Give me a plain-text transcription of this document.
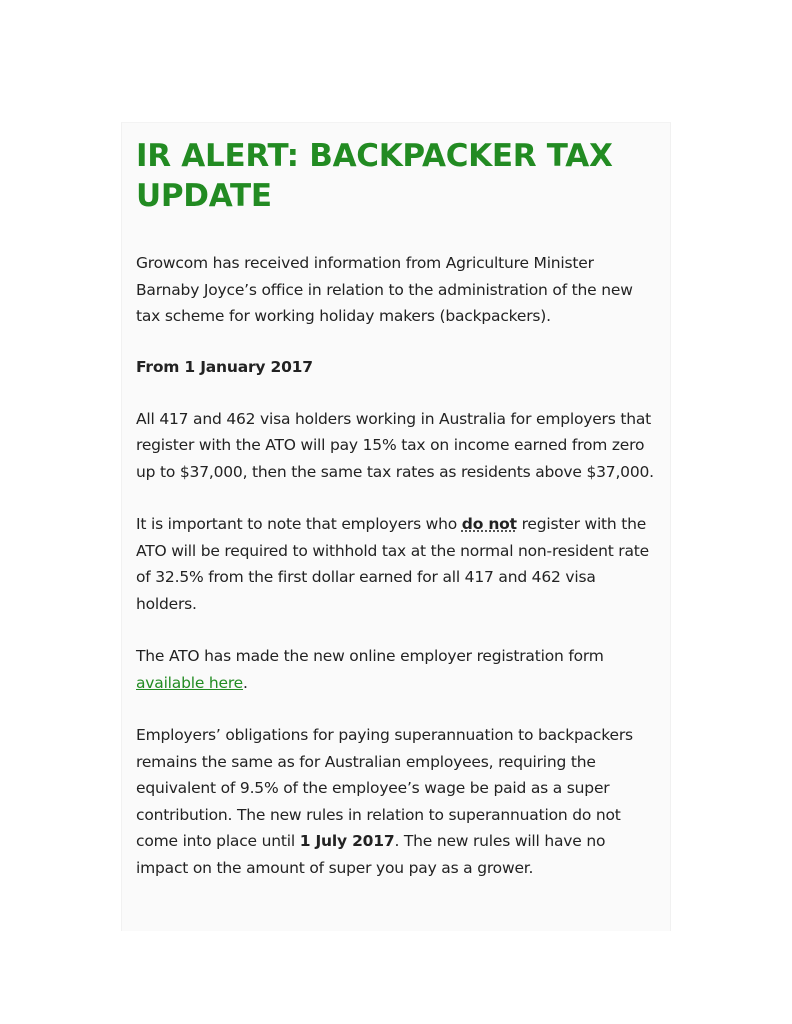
IR ALERT: BACKPACKER TAX UPDATE

Growcom has received information from Agriculture Minister Barnaby Joyce’s office in relation to the administration of the new tax scheme for working holiday makers (backpackers).

From 1 January 2017

All 417 and 462 visa holders working in Australia for employers that register with the ATO will pay 15% tax on income earned from zero up to $37,000, then the same tax rates as residents above $37,000.

It is important to note that employers who do not register with the ATO will be required to withhold tax at the normal non-resident rate of 32.5% from the first dollar earned for all 417 and 462 visa holders.

The ATO has made the new online employer registration form available here.

Employers’ obligations for paying superannuation to backpackers remains the same as for Australian employees, requiring the equivalent of 9.5% of the employee’s wage be paid as a super contribution. The new rules in relation to superannuation do not come into place until 1 July 2017. The new rules will have no impact on the amount of super you pay as a grower.
